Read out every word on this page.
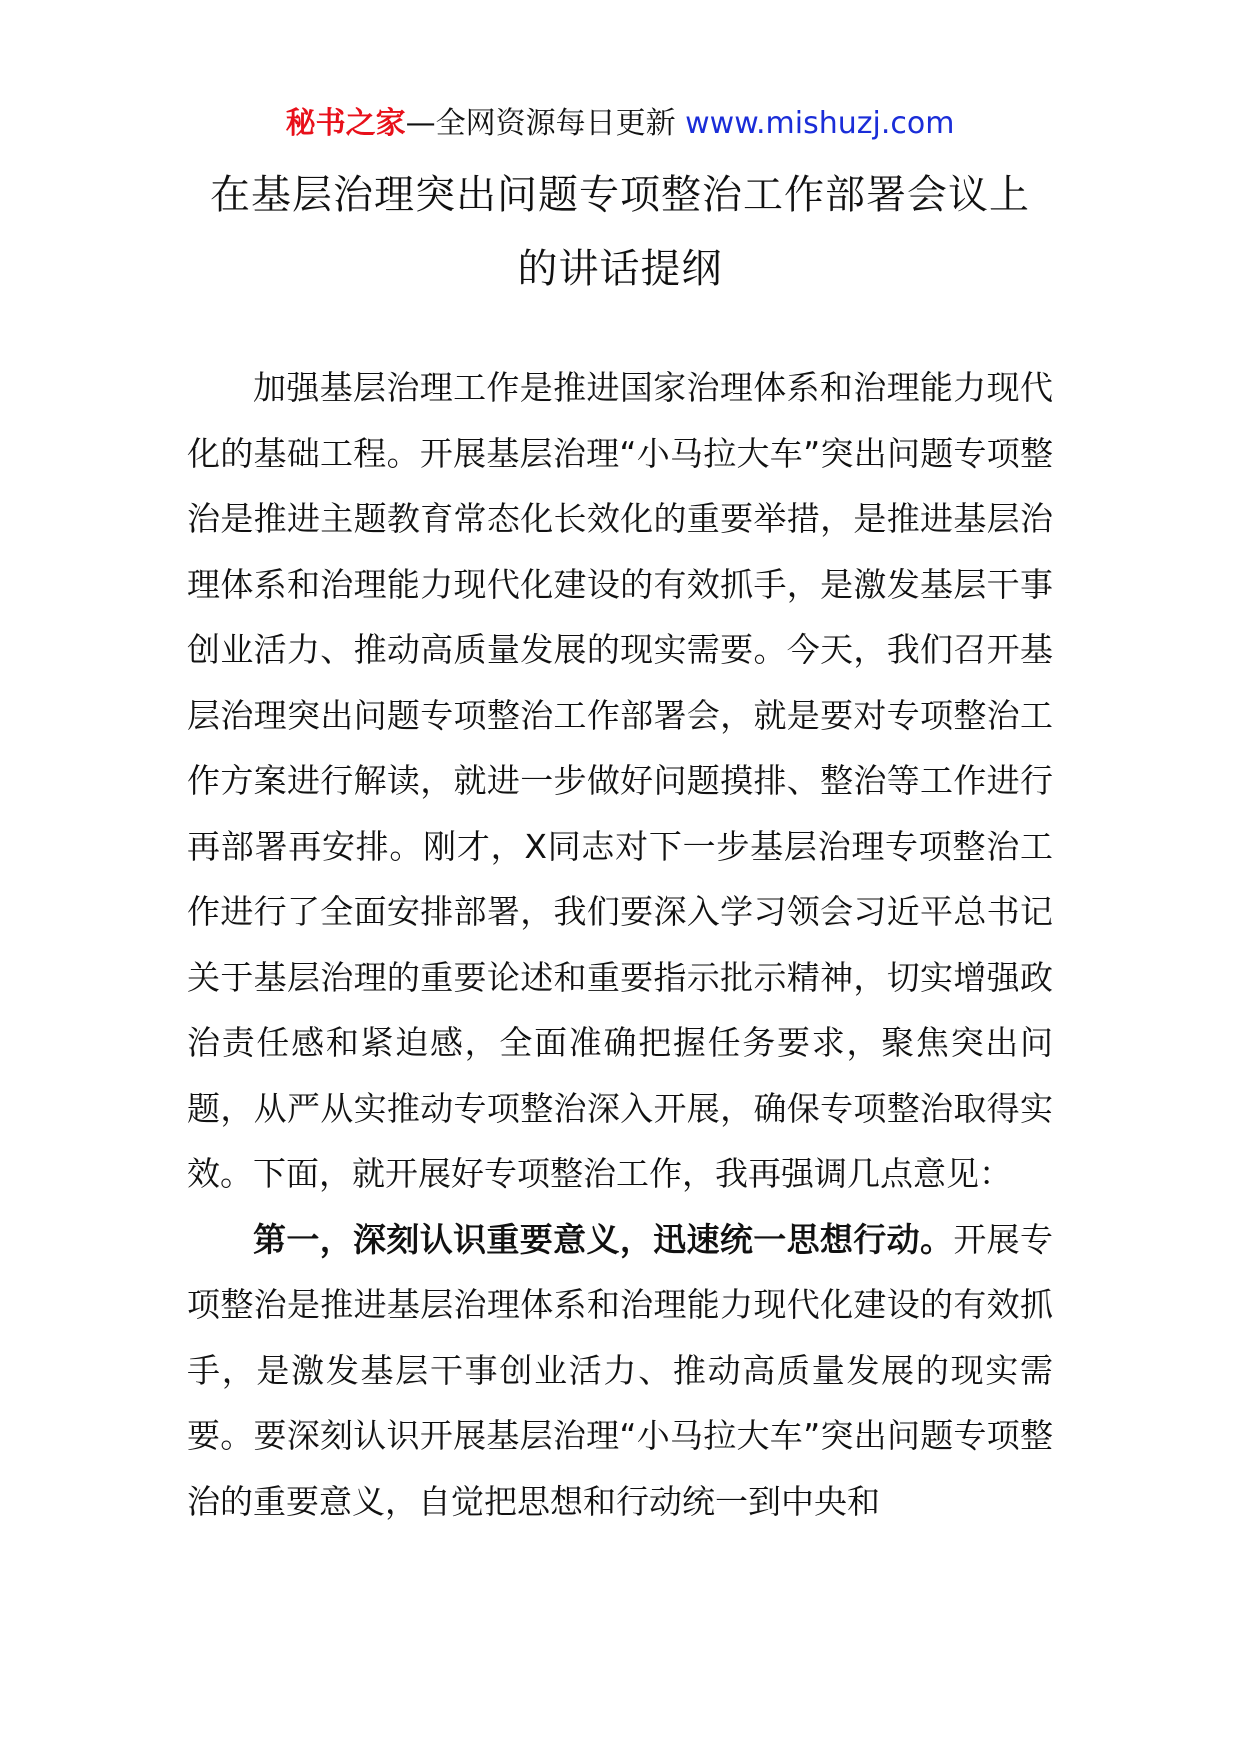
秘书之家—全网资源每日更新 www.mishuzj.com
在基层治理突出问题专项整治工作部署会议上
的讲话提纲

加强基层治理工作是推进国家治理体系和治理能力现代化的基础工程。开展基层治理“小马拉大车”突出问题专项整治是推进主题教育常态化长效化的重要举措，是推进基层治理体系和治理能力现代化建设的有效抓手，是激发基层干事创业活力、推动高质量发展的现实需要。今天，我们召开基层治理突出问题专项整治工作部署会，就是要对专项整治工作方案进行解读，就进一步做好问题摸排、整治等工作进行再部署再安排。刚才，X同志对下一步基层治理专项整治工作进行了全面安排部署，我们要深入学习领会习近平总书记关于基层治理的重要论述和重要指示批示精神，切实增强政治责任感和紧迫感，全面准确把握任务要求，聚焦突出问题，从严从实推动专项整治深入开展，确保专项整治取得实效。下面，就开展好专项整治工作，我再强调几点意见：

第一，深刻认识重要意义，迅速统一思想行动。开展专项整治是推进基层治理体系和治理能力现代化建设的有效抓手，是激发基层干事创业活力、推动高质量发展的现实需要。要深刻认识开展基层治理“小马拉大车”突出问题专项整治的重要意义，自觉把思想和行动统一到中央和
